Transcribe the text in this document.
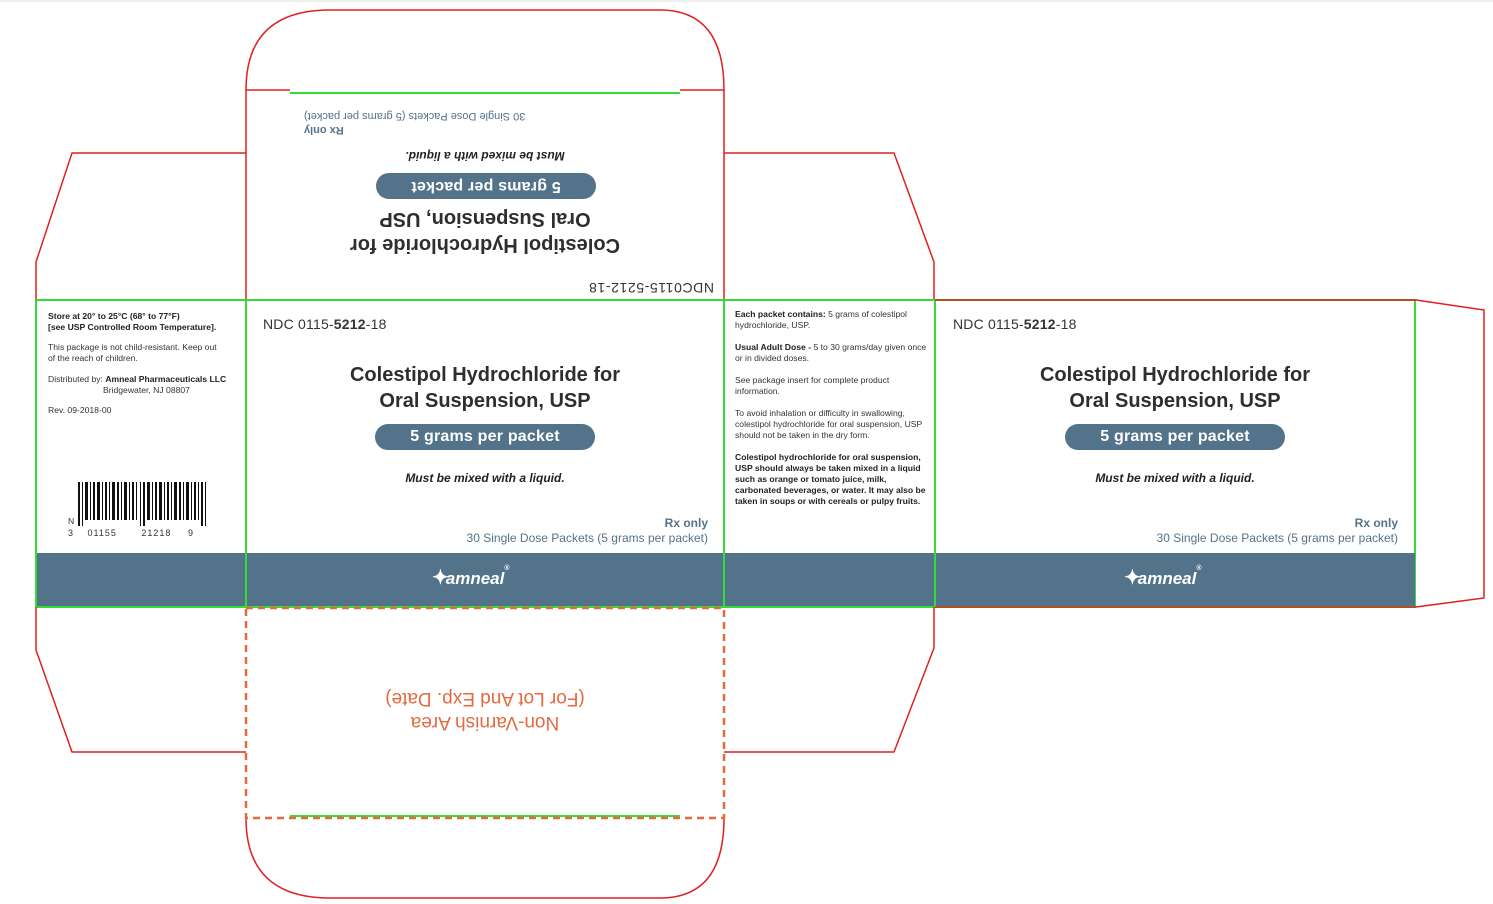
NDC0115-5212-18
Colestipol Hydrochloride for
Oral Suspension, USP
5 grams per packet
Must be mixed with a liquid.
Rx only
30 Single Dose Packets (5 grams per packet)
Store at 20° to 25°C (68° to 77°F)
[see USP Controlled Room Temperature].
This package is not child-resistant. Keep out of the reach of children.
Distributed by: Amneal Pharmaceuticals LLC
Bridgewater, NJ 08807
Rev. 09-2018-00
N
3 01155	21218 9
NDC 0115-5212-18
Colestipol Hydrochloride for
Oral Suspension, USP
5 grams per packet
Must be mixed with a liquid.
Rx only
30 Single Dose Packets (5 grams per packet)
✦amneal®
Each packet contains: 5 grams of colestipol hydrochloride, USP.
Usual Adult Dose - 5 to 30 grams/day given once or in divided doses.
See package insert for complete product information.
To avoid inhalation or difficulty in swallowing, colestipol hydrochloride for oral suspension, USP should not be taken in the dry form.
Colestipol hydrochloride for oral suspension, USP should always be taken mixed in a liquid such as orange or tomato juice, milk, carbonated beverages, or water. It may also be taken in soups or with cereals or pulpy fruits.
NDC 0115-5212-18
Colestipol Hydrochloride for
Oral Suspension, USP
5 grams per packet
Must be mixed with a liquid.
Rx only
30 Single Dose Packets (5 grams per packet)
✦amneal®
Non-Varnish Area
(For Lot And Exp. Date)
